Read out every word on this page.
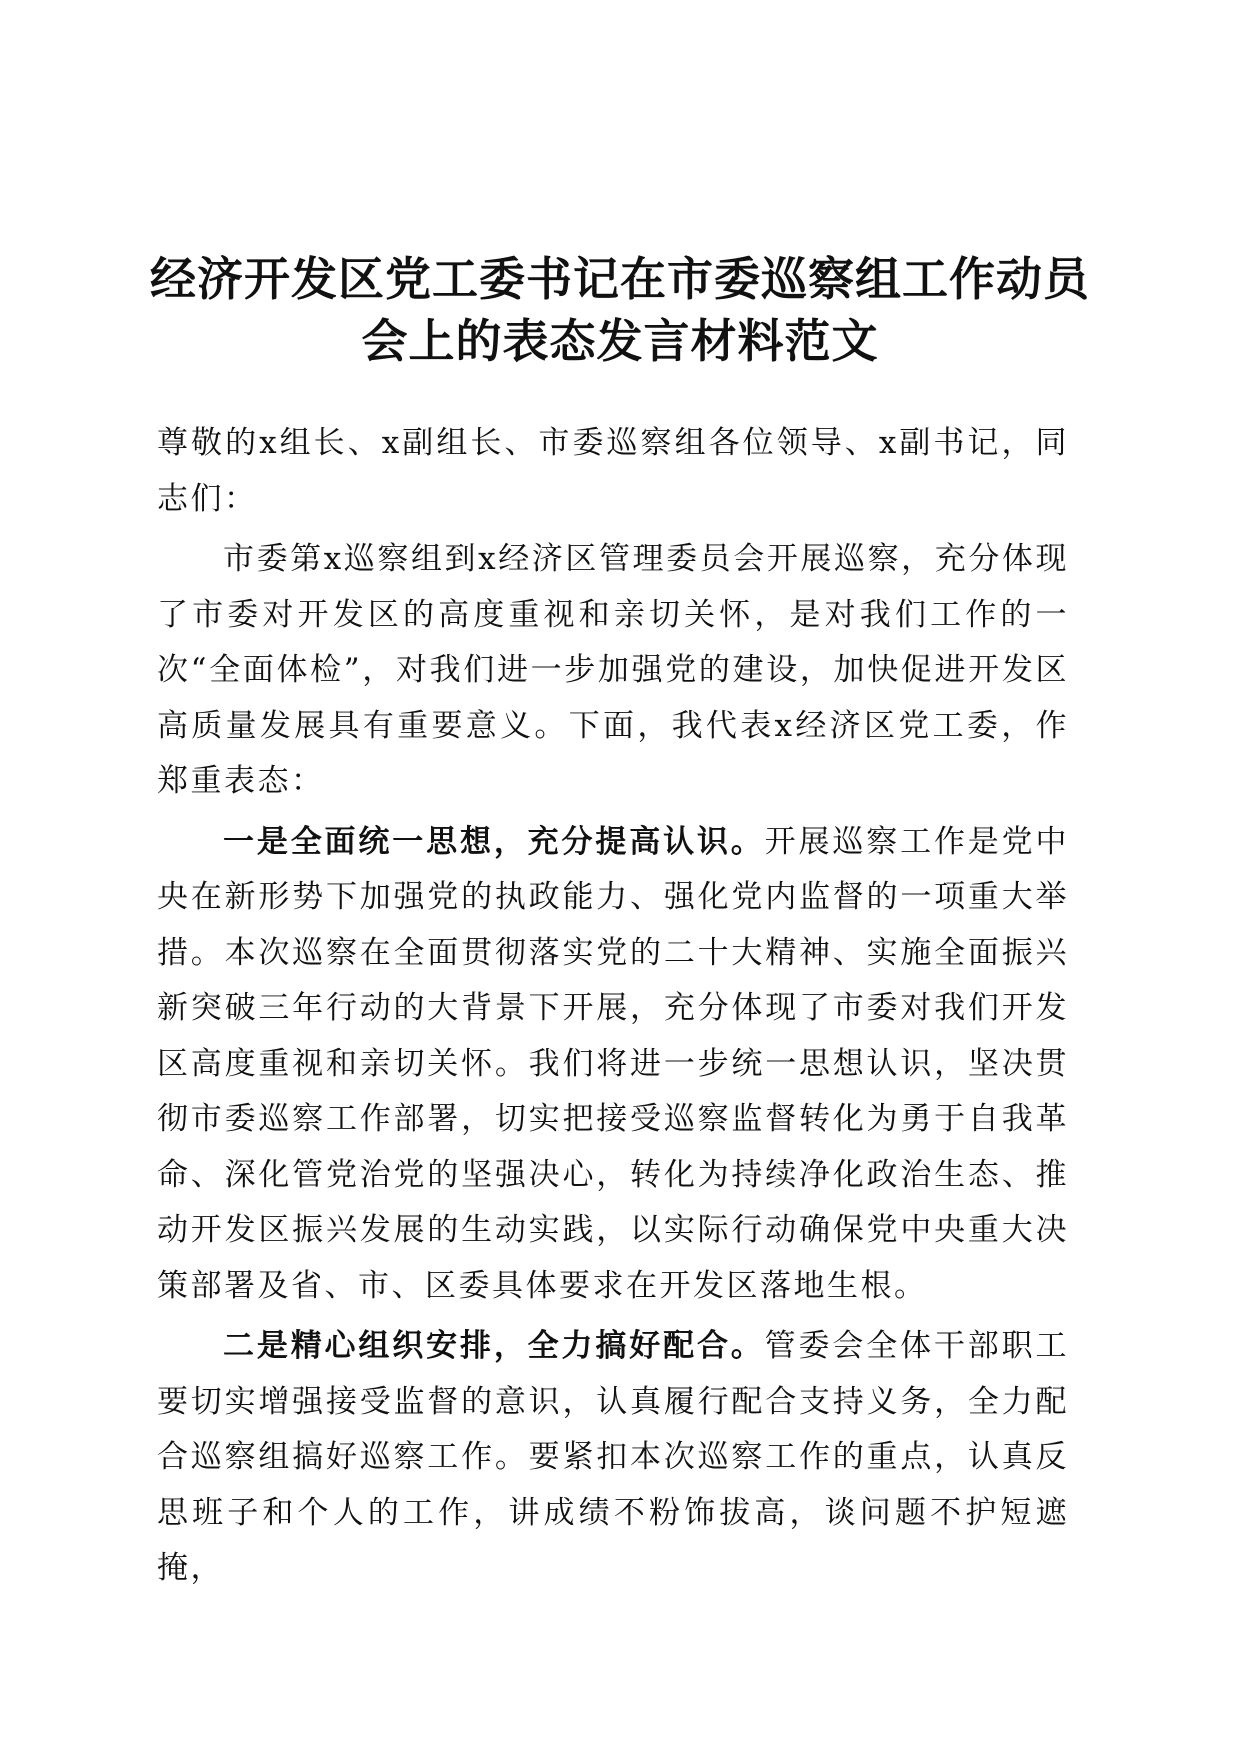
经济开发区党工委书记在市委巡察组工作动员
会上的表态发言材料范文

尊敬的x组长、x副组长、市委巡察组各位领导、x副书记，同志们：

市委第x巡察组到x经济区管理委员会开展巡察，充分体现了市委对开发区的高度重视和亲切关怀，是对我们工作的一次“全面体检”，对我们进一步加强党的建设，加快促进开发区高质量发展具有重要意义。下面，我代表x经济区党工委，作郑重表态：

一是全面统一思想，充分提高认识。开展巡察工作是党中央在新形势下加强党的执政能力、强化党内监督的一项重大举措。本次巡察在全面贯彻落实党的二十大精神、实施全面振兴新突破三年行动的大背景下开展，充分体现了市委对我们开发区高度重视和亲切关怀。我们将进一步统一思想认识，坚决贯彻市委巡察工作部署，切实把接受巡察监督转化为勇于自我革命、深化管党治党的坚强决心，转化为持续净化政治生态、推动开发区振兴发展的生动实践，以实际行动确保党中央重大决策部署及省、市、区委具体要求在开发区落地生根。

二是精心组织安排，全力搞好配合。管委会全体干部职工要切实增强接受监督的意识，认真履行配合支持义务，全力配合巡察组搞好巡察工作。要紧扣本次巡察工作的重点，认真反思班子和个人的工作，讲成绩不粉饰拔高，谈问题不护短遮掩，
